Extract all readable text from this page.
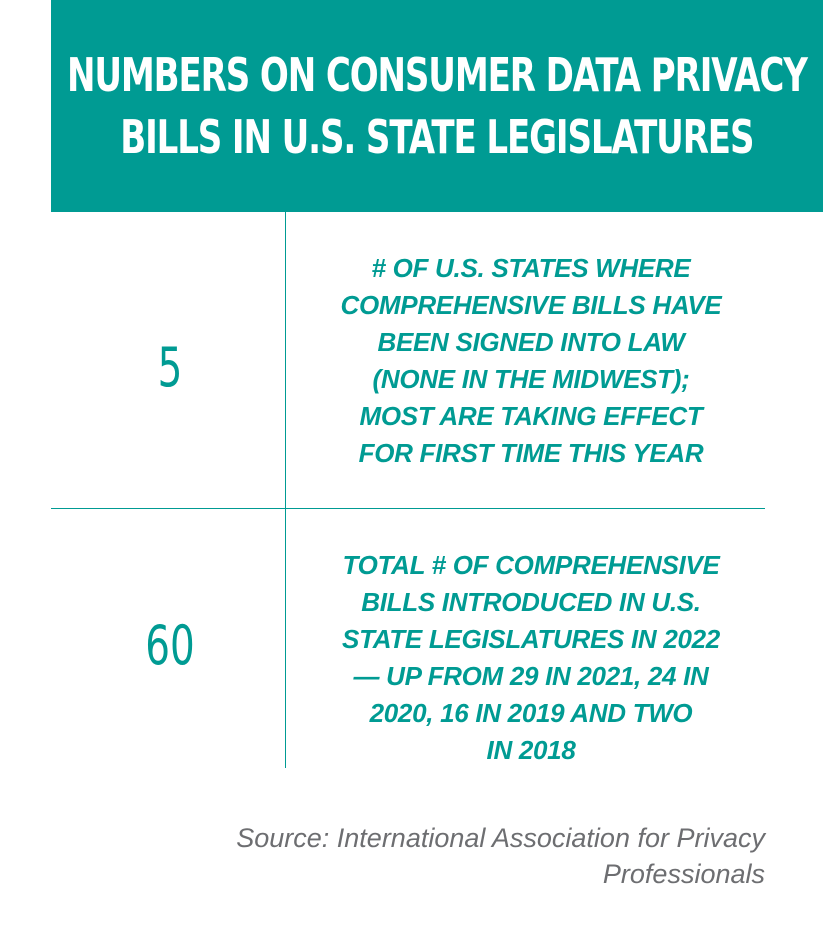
NUMBERS ON CONSUMER DATA PRIVACY
BILLS IN U.S. STATE LEGISLATURES
5
# OF U.S. STATES WHERE
COMPREHENSIVE BILLS HAVE
BEEN SIGNED INTO LAW
(NONE IN THE MIDWEST);
MOST ARE TAKING EFFECT
FOR FIRST TIME THIS YEAR
60
TOTAL # OF COMPREHENSIVE
BILLS INTRODUCED IN U.S.
STATE LEGISLATURES IN 2022
— UP FROM 29 IN 2021, 24 IN
2020, 16 IN 2019 AND TWO
IN 2018
Source: International Association for Privacy
Professionals
